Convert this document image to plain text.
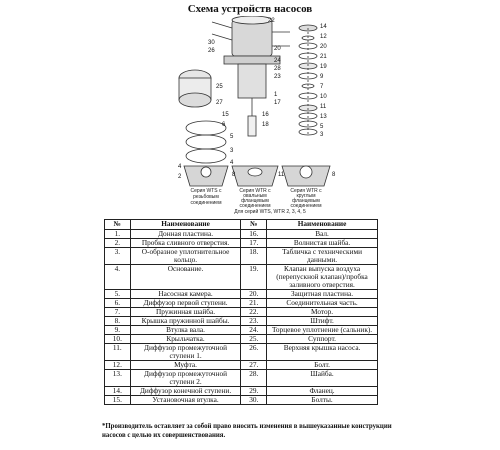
Схема устройств насосов
22
30
26	20
24
28
23
25
27
15
6
16
18
1
5
3
4
17
14
12
20
21
19
9
7
10
11
13
5
3
2
4
8	11	8
Серия WTS с
резьбовым
соединением
Серия WTR с
овальным
фланцевым
соединением
Серия WTR с
круглым
фланцевым
соединением
Для серий WTS, WTR 2, 3, 4, 5
№	Наименование	№	Наименование
1.	Донная пластина.	16.	Вал.
2.	Пробка сливного отверстия.	17.	Волнистая шайба.
3.	О-образное уплотнительное кольцо.	18.	Табличка с техническими данными.
4.	Основание.	19.	Клапан выпуска воздуха (перепускной клапан)/пробка заливного отверстия.
5.	Насосная камера.	20.	Защитная пластина.
6.	Диффузор первой ступени.	21.	Соединительная часть.
7.	Пружинная шайба.	22.	Мотор.
8.	Крышка пружинной шайбы.	23.	Штифт.
9.	Втулка вала.	24.	Торцевое уплотнение (сальник).
10.	Крыльчатка.	25.	Суппорт.
11.	Диффузор промежуточной ступени 1.	26.	Верхняя крышка насоса.
12.	Муфта.	27.	Болт.
13.	Диффузор промежуточной ступени 2.	28.	Шайба.
14.	Диффузор конечной ступени.	29.	Фланец.
15.	Установочная втулка.	30.	Болты.
*Производитель оставляет за собой право вносить изменения в вышеуказанные конструкции насосов с целью их совершенствования.
